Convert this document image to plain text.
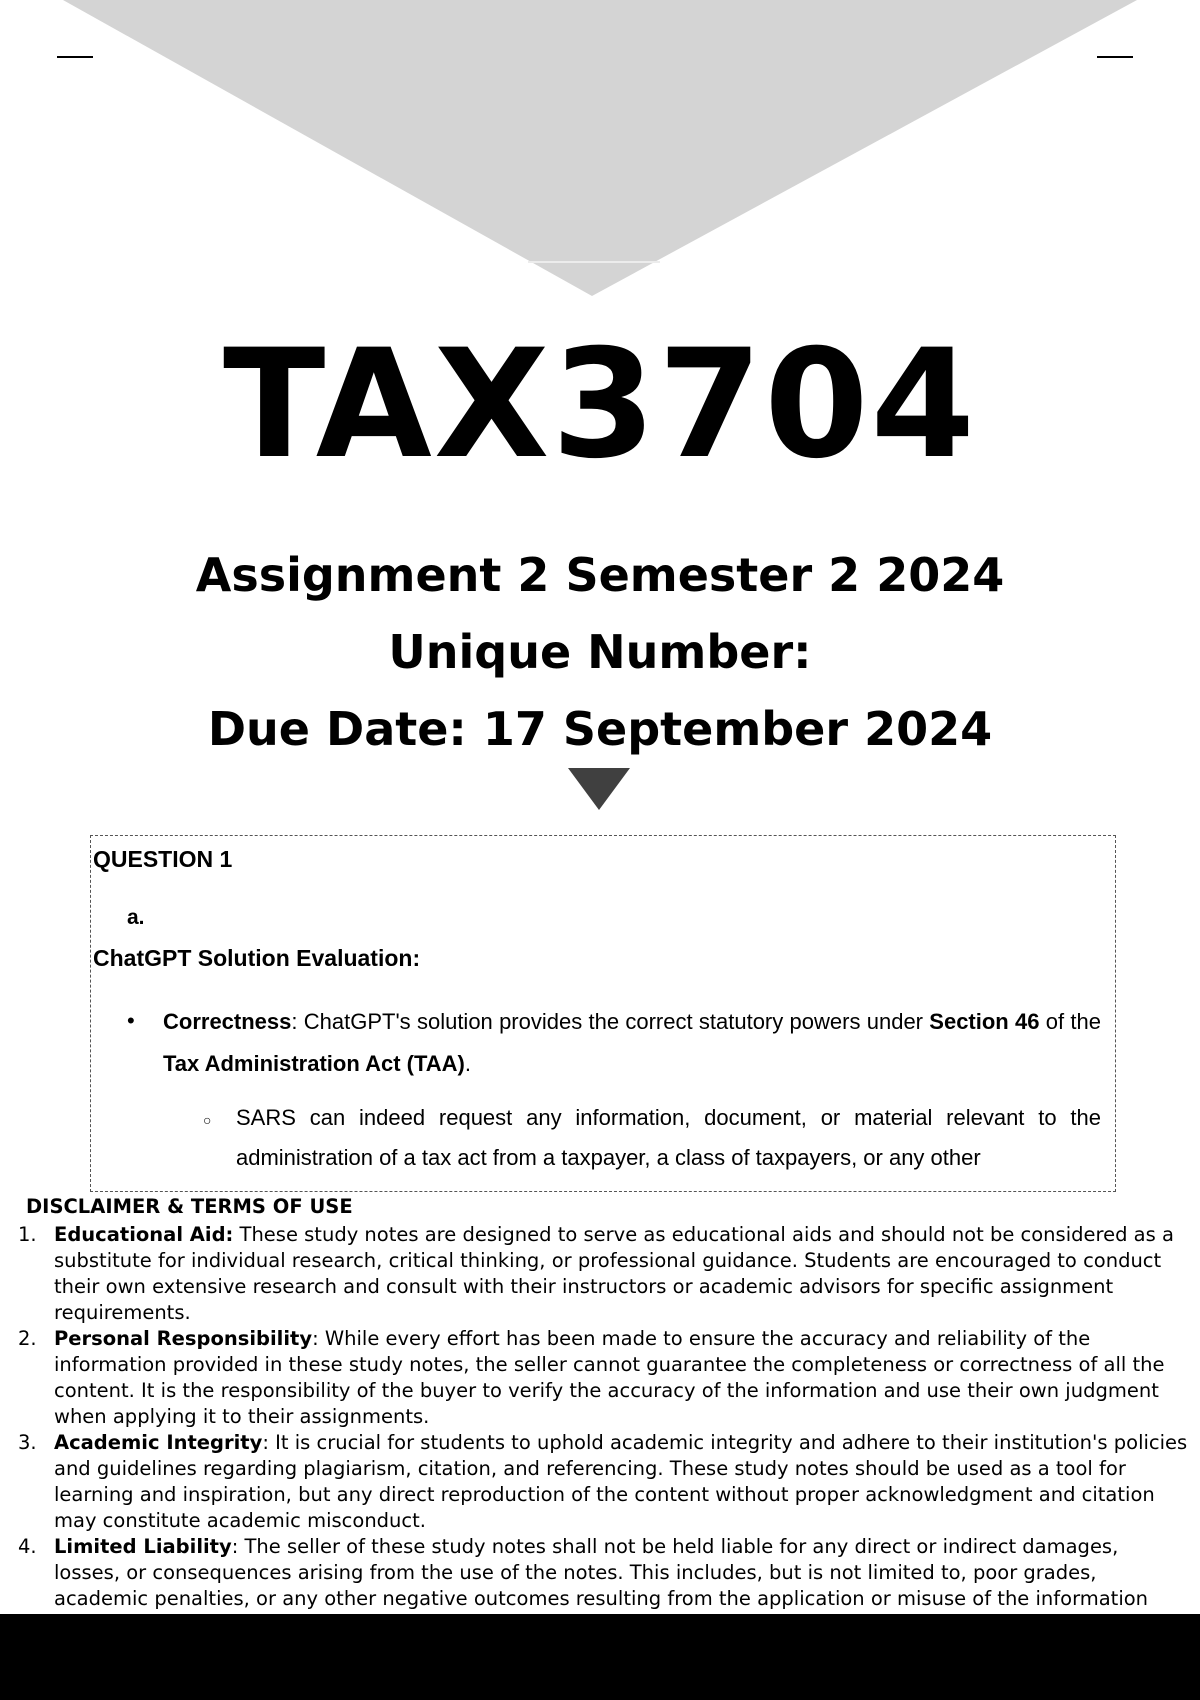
TAX3704
Assignment 2 Semester 2 2024
Unique Number:
Due Date: 17 September 2024
QUESTION 1
a.
ChatGPT Solution Evaluation:
• Correctness: ChatGPT's solution provides the correct statutory powers under Section 46 of the Tax Administration Act (TAA).
○ SARS can indeed request any information, document, or material relevant to the administration of a tax act from a taxpayer, a class of taxpayers, or any other
DISCLAIMER & TERMS OF USE
1. Educational Aid: These study notes are designed to serve as educational aids and should not be considered as a substitute for individual research, critical thinking, or professional guidance. Students are encouraged to conduct their own extensive research and consult with their instructors or academic advisors for specific assignment requirements.
2. Personal Responsibility: While every effort has been made to ensure the accuracy and reliability of the information provided in these study notes, the seller cannot guarantee the completeness or correctness of all the content. It is the responsibility of the buyer to verify the accuracy of the information and use their own judgment when applying it to their assignments.
3. Academic Integrity: It is crucial for students to uphold academic integrity and adhere to their institution's policies and guidelines regarding plagiarism, citation, and referencing. These study notes should be used as a tool for learning and inspiration, but any direct reproduction of the content without proper acknowledgment and citation may constitute academic misconduct.
4. Limited Liability: The seller of these study notes shall not be held liable for any direct or indirect damages, losses, or consequences arising from the use of the notes. This includes, but is not limited to, poor grades, academic penalties, or any other negative outcomes resulting from the application or misuse of the information
